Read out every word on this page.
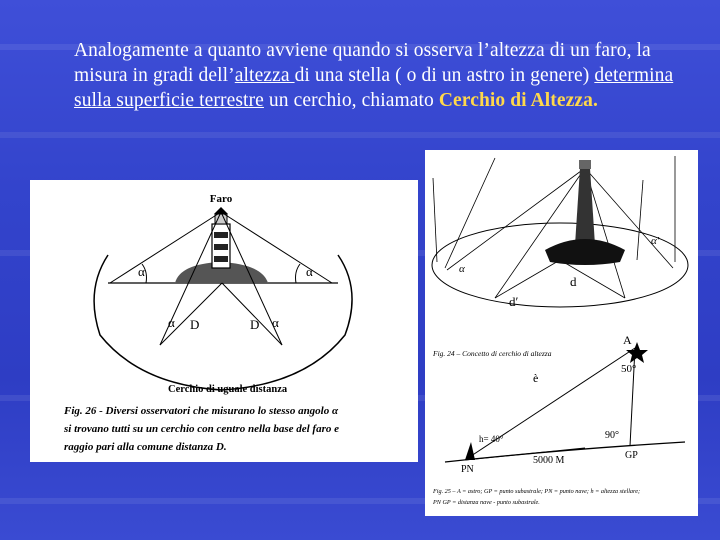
Analogamente a quanto avviene quando si osserva l’altezza di un faro, la misura in gradi dell’altezza di una stella ( o di un astro in genere) determina sulla superficie terrestre un cerchio, chiamato Cerchio di Altezza.
Faro
α	α
α	α
D	D
Cerchio di uguale distanza
Fig. 26 - Diversi osservatori che misurano lo stesso angolo α
si trovano tutti su un cerchio con centro nella base del faro e
raggio pari alla comune distanza D.
α
α′
d
d′
Fig. 24 – Concetto di cerchio di altezza
A
50°
è
90°
h= 40°
PN
GP
5000 M
Fig. 25 – A = astro; GP = punto subastrale; PN = punto nave; h = altezza stellare;
PN GP = distanza nave - punto subastrale.
